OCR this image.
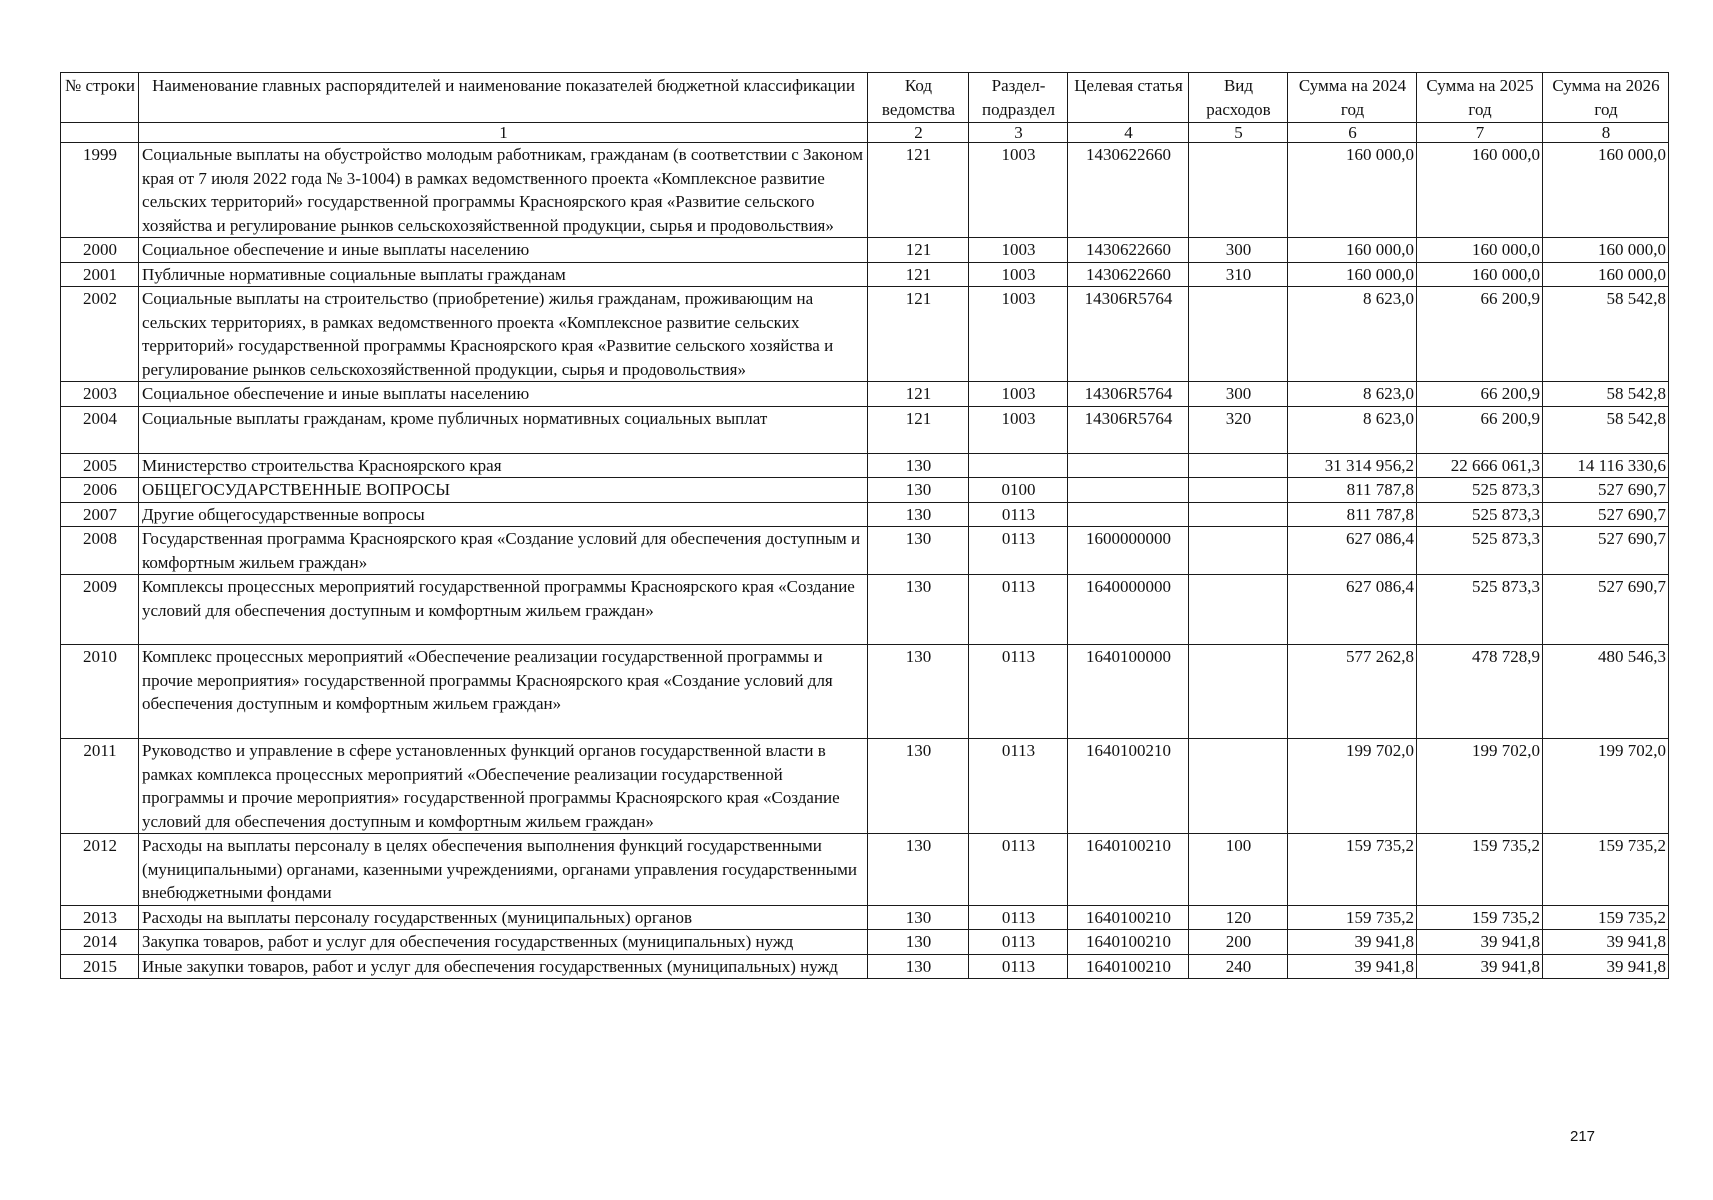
№ строки	Наименование главных распорядителей и наименование показателей бюджетной классификации	Код ведомства	Раздел-подраздел	Целевая статья	Вид расходов	Сумма на 2024 год	Сумма на 2025 год	Сумма на 2026 год
	1	2	3	4	5	6	7	8
1999	Социальные выплаты на обустройство молодым работникам, гражданам (в соответствии с Законом края от 7 июля 2022 года № 3-1004) в рамках ведомственного проекта «Комплексное развитие сельских территорий» государственной программы Красноярского края «Развитие сельского хозяйства и регулирование рынков сельскохозяйственной продукции, сырья и продовольствия»	121	1003	1430622660		160 000,0	160 000,0	160 000,0
2000	Социальное обеспечение и иные выплаты населению	121	1003	1430622660	300	160 000,0	160 000,0	160 000,0
2001	Публичные нормативные социальные выплаты гражданам	121	1003	1430622660	310	160 000,0	160 000,0	160 000,0
2002	Социальные выплаты на строительство (приобретение) жилья гражданам, проживающим на сельских территориях, в рамках ведомственного проекта «Комплексное развитие сельских территорий» государственной программы Красноярского края «Развитие сельского хозяйства и регулирование рынков сельскохозяйственной продукции, сырья и продовольствия»	121	1003	14306R5764		8 623,0	66 200,9	58 542,8
2003	Социальное обеспечение и иные выплаты населению	121	1003	14306R5764	300	8 623,0	66 200,9	58 542,8
2004	Социальные выплаты гражданам, кроме публичных нормативных социальных выплат	121	1003	14306R5764	320	8 623,0	66 200,9	58 542,8
2005	Министерство строительства Красноярского края	130				31 314 956,2	22 666 061,3	14 116 330,6
2006	ОБЩЕГОСУДАРСТВЕННЫЕ ВОПРОСЫ	130	0100			811 787,8	525 873,3	527 690,7
2007	Другие общегосударственные вопросы	130	0113			811 787,8	525 873,3	527 690,7
2008	Государственная программа Красноярского края «Создание условий для обеспечения доступным и комфортным жильем граждан»	130	0113	1600000000		627 086,4	525 873,3	527 690,7
2009	Комплексы процессных мероприятий государственной программы Красноярского края «Создание условий для обеспечения доступным и комфортным жильем граждан»	130	0113	1640000000		627 086,4	525 873,3	527 690,7
2010	Комплекс процессных мероприятий «Обеспечение реализации государственной программы и прочие мероприятия» государственной программы Красноярского края «Создание условий для обеспечения доступным и комфортным жильем граждан»	130	0113	1640100000		577 262,8	478 728,9	480 546,3
2011	Руководство и управление в сфере установленных функций органов государственной власти в рамках комплекса процессных мероприятий «Обеспечение реализации государственной программы и прочие мероприятия» государственной программы Красноярского края «Создание условий для обеспечения доступным и комфортным жильем граждан»	130	0113	1640100210		199 702,0	199 702,0	199 702,0
2012	Расходы на выплаты персоналу в целях обеспечения выполнения функций государственными (муниципальными) органами, казенными учреждениями, органами управления государственными внебюджетными фондами	130	0113	1640100210	100	159 735,2	159 735,2	159 735,2
2013	Расходы на выплаты персоналу государственных (муниципальных) органов	130	0113	1640100210	120	159 735,2	159 735,2	159 735,2
2014	Закупка товаров, работ и услуг для обеспечения государственных (муниципальных) нужд	130	0113	1640100210	200	39 941,8	39 941,8	39 941,8
2015	Иные закупки товаров, работ и услуг для обеспечения государственных (муниципальных) нужд	130	0113	1640100210	240	39 941,8	39 941,8	39 941,8
217
